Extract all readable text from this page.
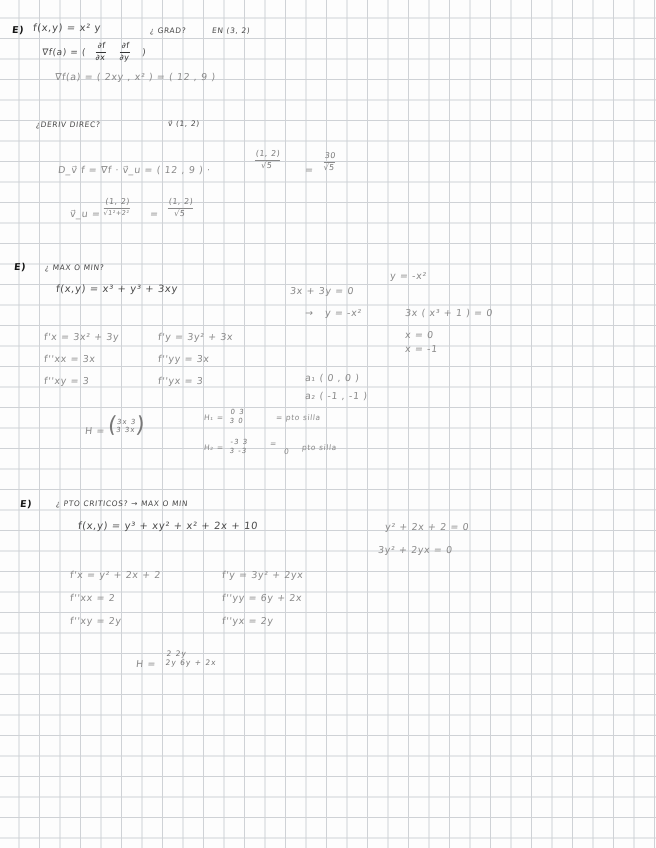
E) f(x,y) = x² y	¿ GRAD?	EN (3, 2)
∇f(a) = (
∂f
∂x
∂f
∂y )
∇f(a) = ( 2xy , x² ) = ( 12 , 9 )
¿DERIV DIREC?	v⃗ (1, 2)
D_v⃗ f = ∇f · v⃗_u = ( 12 , 9 ) ·
(1, 2)
√5	=
30
√5
v⃗_u =
(1, 2)
√1²+2² =
(1, 2)
√5
E) ¿ MAX O MIN?
f(x,y) = x³ + y³ + 3xy	3x + 3y = 0
y = -x²
→ y = -x²	3x ( x³ + 1 ) = 0
x = 0
x = -1
f'x = 3x² + 3y
f''xx = 3x
f''xy = 3
f'y = 3y² + 3x
f''yy = 3x
f''yx = 3	a₁ ( 0 , 0 )
a₂ ( -1 , -1 )
H = (
3x 3
3 3x
)	H₁ =
0 3
3 0	= pto silla
H₂ =
-3 3
3 -3
=
0 pto silla
E)	¿ PTO CRITICOS? → MAX O MIN
f(x,y) = y³ + xy² + x² + 2x + 10	y² + 2x + 2 = 0
3y² + 2yx = 0
f'x = y² + 2x + 2
f''xx = 2
f''xy = 2y
f'y = 3y² + 2yx
f''yy = 6y + 2x
f''yx = 2y
H =
2 2y
2y 6y + 2x
